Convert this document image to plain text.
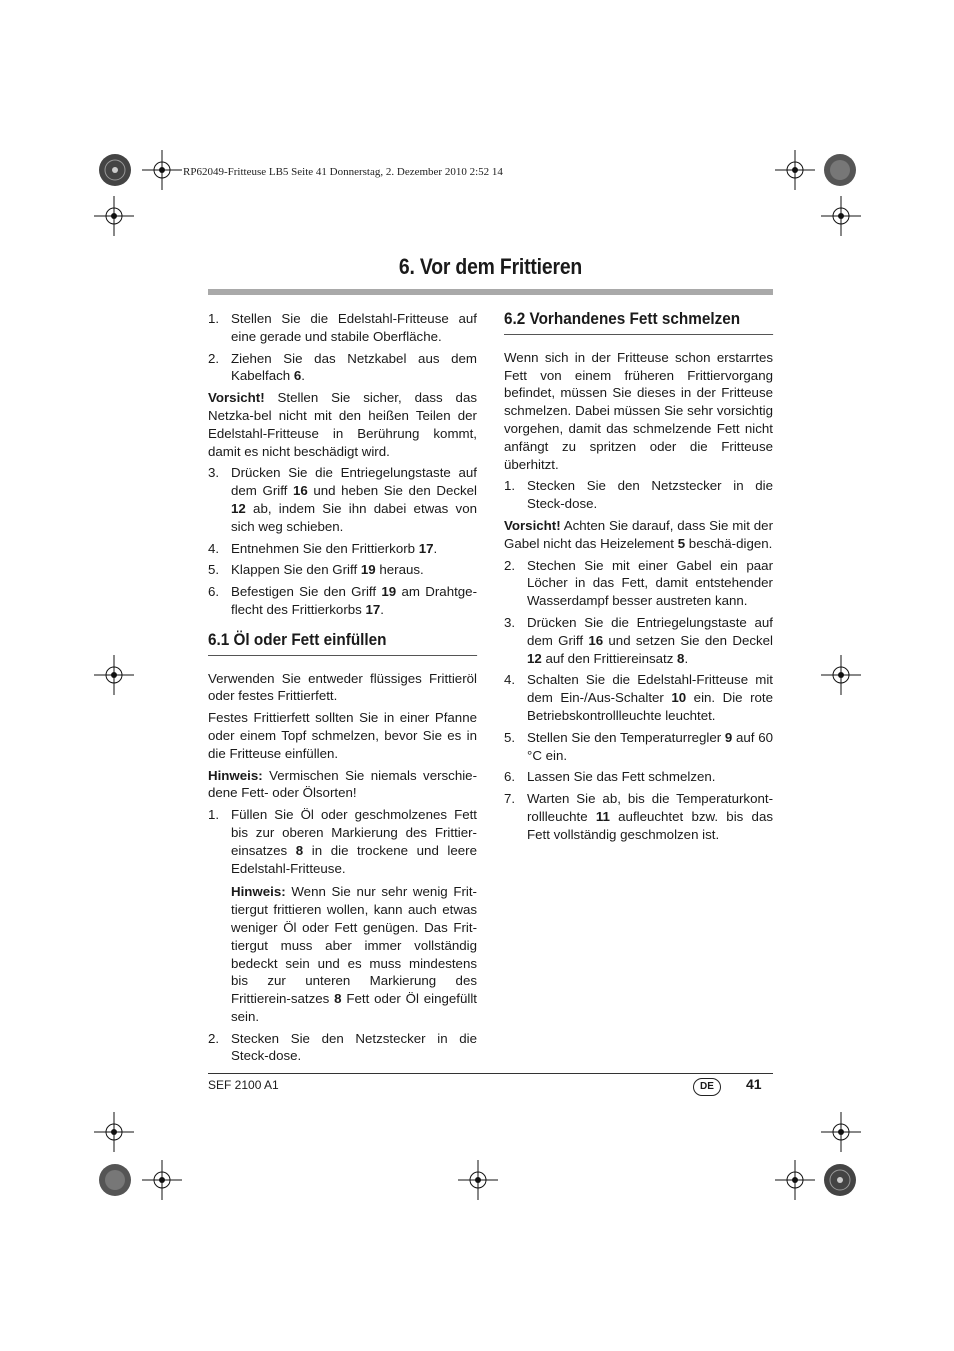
RP62049-Fritteuse LB5 Seite 41 Donnerstag, 2. Dezember 2010 2:52 14
6. Vor dem Frittieren
1. Stellen Sie die Edelstahl-Fritteuse auf eine gerade und stabile Oberfläche.
2. Ziehen Sie das Netzkabel aus dem Kabelfach 6.

Vorsicht! Stellen Sie sicher, dass das Netzka-bel nicht mit den heißen Teilen der Edelstahl-Fritteuse in Berührung kommt, damit es nicht beschädigt wird.

3. Drücken Sie die Entriegelungstaste auf dem Griff 16 und heben Sie den Deckel 12 ab, indem Sie ihn dabei etwas von sich weg schieben.
4. Entnehmen Sie den Frittierkorb 17.
5. Klappen Sie den Griff 19 heraus.
6. Befestigen Sie den Griff 19 am Drahtge-flecht des Frittierkorbs 17.
6.1 Öl oder Fett einfüllen

Verwenden Sie entweder flüssiges Frittieröl oder festes Frittierfett.

Festes Frittierfett sollten Sie in einer Pfanne oder einem Topf schmelzen, bevor Sie es in die Fritteuse einfüllen.

Hinweis: Vermischen Sie niemals verschie-dene Fett- oder Ölsorten!

1. Füllen Sie Öl oder geschmolzenes Fett bis zur oberen Markierung des Frittier-einsatzes 8 in die trockene und leere Edelstahl-Fritteuse.
Hinweis: Wenn Sie nur sehr wenig Frit-tiergut frittieren wollen, kann auch etwas weniger Öl oder Fett genügen. Das Frit-tiergut muss aber immer vollständig bedeckt sein und es muss mindestens bis zur unteren Markierung des Frittierein-satzes 8 Fett oder Öl eingefüllt sein.
2. Stecken Sie den Netzstecker in die Steck-dose.
6.2 Vorhandenes Fett schmelzen

Wenn sich in der Fritteuse schon erstarrtes Fett von einem früheren Frittiervorgang befindet, müssen Sie dieses in der Fritteuse schmelzen. Dabei müssen Sie sehr vorsichtig vorgehen, damit das schmelzende Fett nicht anfängt zu spritzen oder die Fritteuse überhitzt.

1. Stecken Sie den Netzstecker in die Steck-dose.

Vorsicht! Achten Sie darauf, dass Sie mit der Gabel nicht das Heizelement 5 beschä-digen.

2. Stechen Sie mit einer Gabel ein paar Löcher in das Fett, damit entstehender Wasserdampf besser austreten kann.
3. Drücken Sie die Entriegelungstaste auf dem Griff 16 und setzen Sie den Deckel 12 auf den Frittiereinsatz 8.
4. Schalten Sie die Edelstahl-Fritteuse mit dem Ein-/Aus-Schalter 10 ein. Die rote Betriebskontrollleuchte leuchtet.
5. Stellen Sie den Temperaturregler 9 auf 60 °C ein.
6. Lassen Sie das Fett schmelzen.
7. Warten Sie ab, bis die Temperaturkont-rollleuchte 11 aufleuchtet bzw. bis das Fett vollständig geschmolzen ist.
SEF 2100 A1	DE	41
